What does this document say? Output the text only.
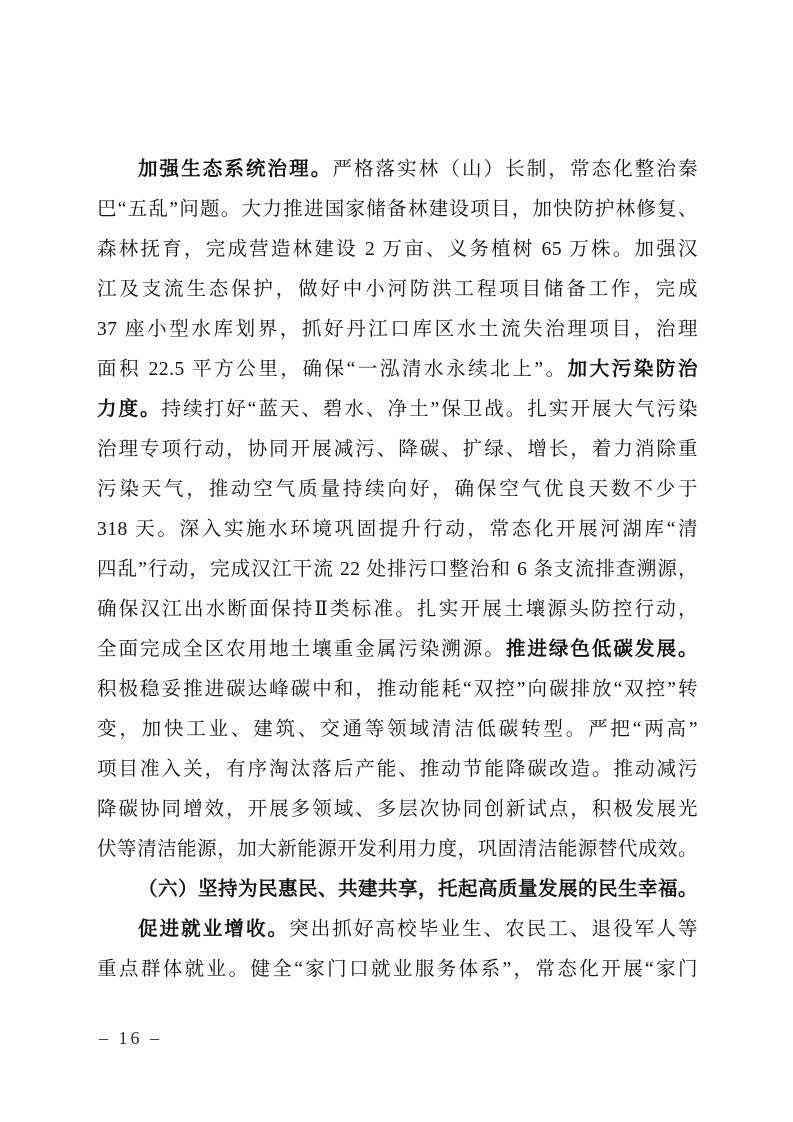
加强生态系统治理。严格落实林（山）长制，常态化整治秦
巴“五乱”问题。大力推进国家储备林建设项目，加快防护林修复、
森林抚育，完成营造林建设 2 万亩、义务植树 65 万株。加强汉
江及支流生态保护，做好中小河防洪工程项目储备工作，完成
37 座小型水库划界，抓好丹江口库区水土流失治理项目，治理
面积 22.5 平方公里，确保“一泓清水永续北上”。加大污染防治
力度。持续打好“蓝天、碧水、净土”保卫战。扎实开展大气污染
治理专项行动，协同开展减污、降碳、扩绿、增长，着力消除重
污染天气，推动空气质量持续向好，确保空气优良天数不少于
318 天。深入实施水环境巩固提升行动，常态化开展河湖库“清
四乱”行动，完成汉江干流 22 处排污口整治和 6 条支流排查溯源，
确保汉江出水断面保持Ⅱ类标准。扎实开展土壤源头防控行动，
全面完成全区农用地土壤重金属污染溯源。推进绿色低碳发展。
积极稳妥推进碳达峰碳中和，推动能耗“双控”向碳排放“双控”转
变，加快工业、建筑、交通等领域清洁低碳转型。严把“两高”
项目准入关，有序淘汰落后产能、推动节能降碳改造。推动减污
降碳协同增效，开展多领域、多层次协同创新试点，积极发展光
伏等清洁能源，加大新能源开发利用力度，巩固清洁能源替代成效。
（六）坚持为民惠民、共建共享，托起高质量发展的民生幸福。
促进就业增收。突出抓好高校毕业生、农民工、退役军人等
重点群体就业。健全“家门口就业服务体系”，常态化开展“家门
– 16 –
